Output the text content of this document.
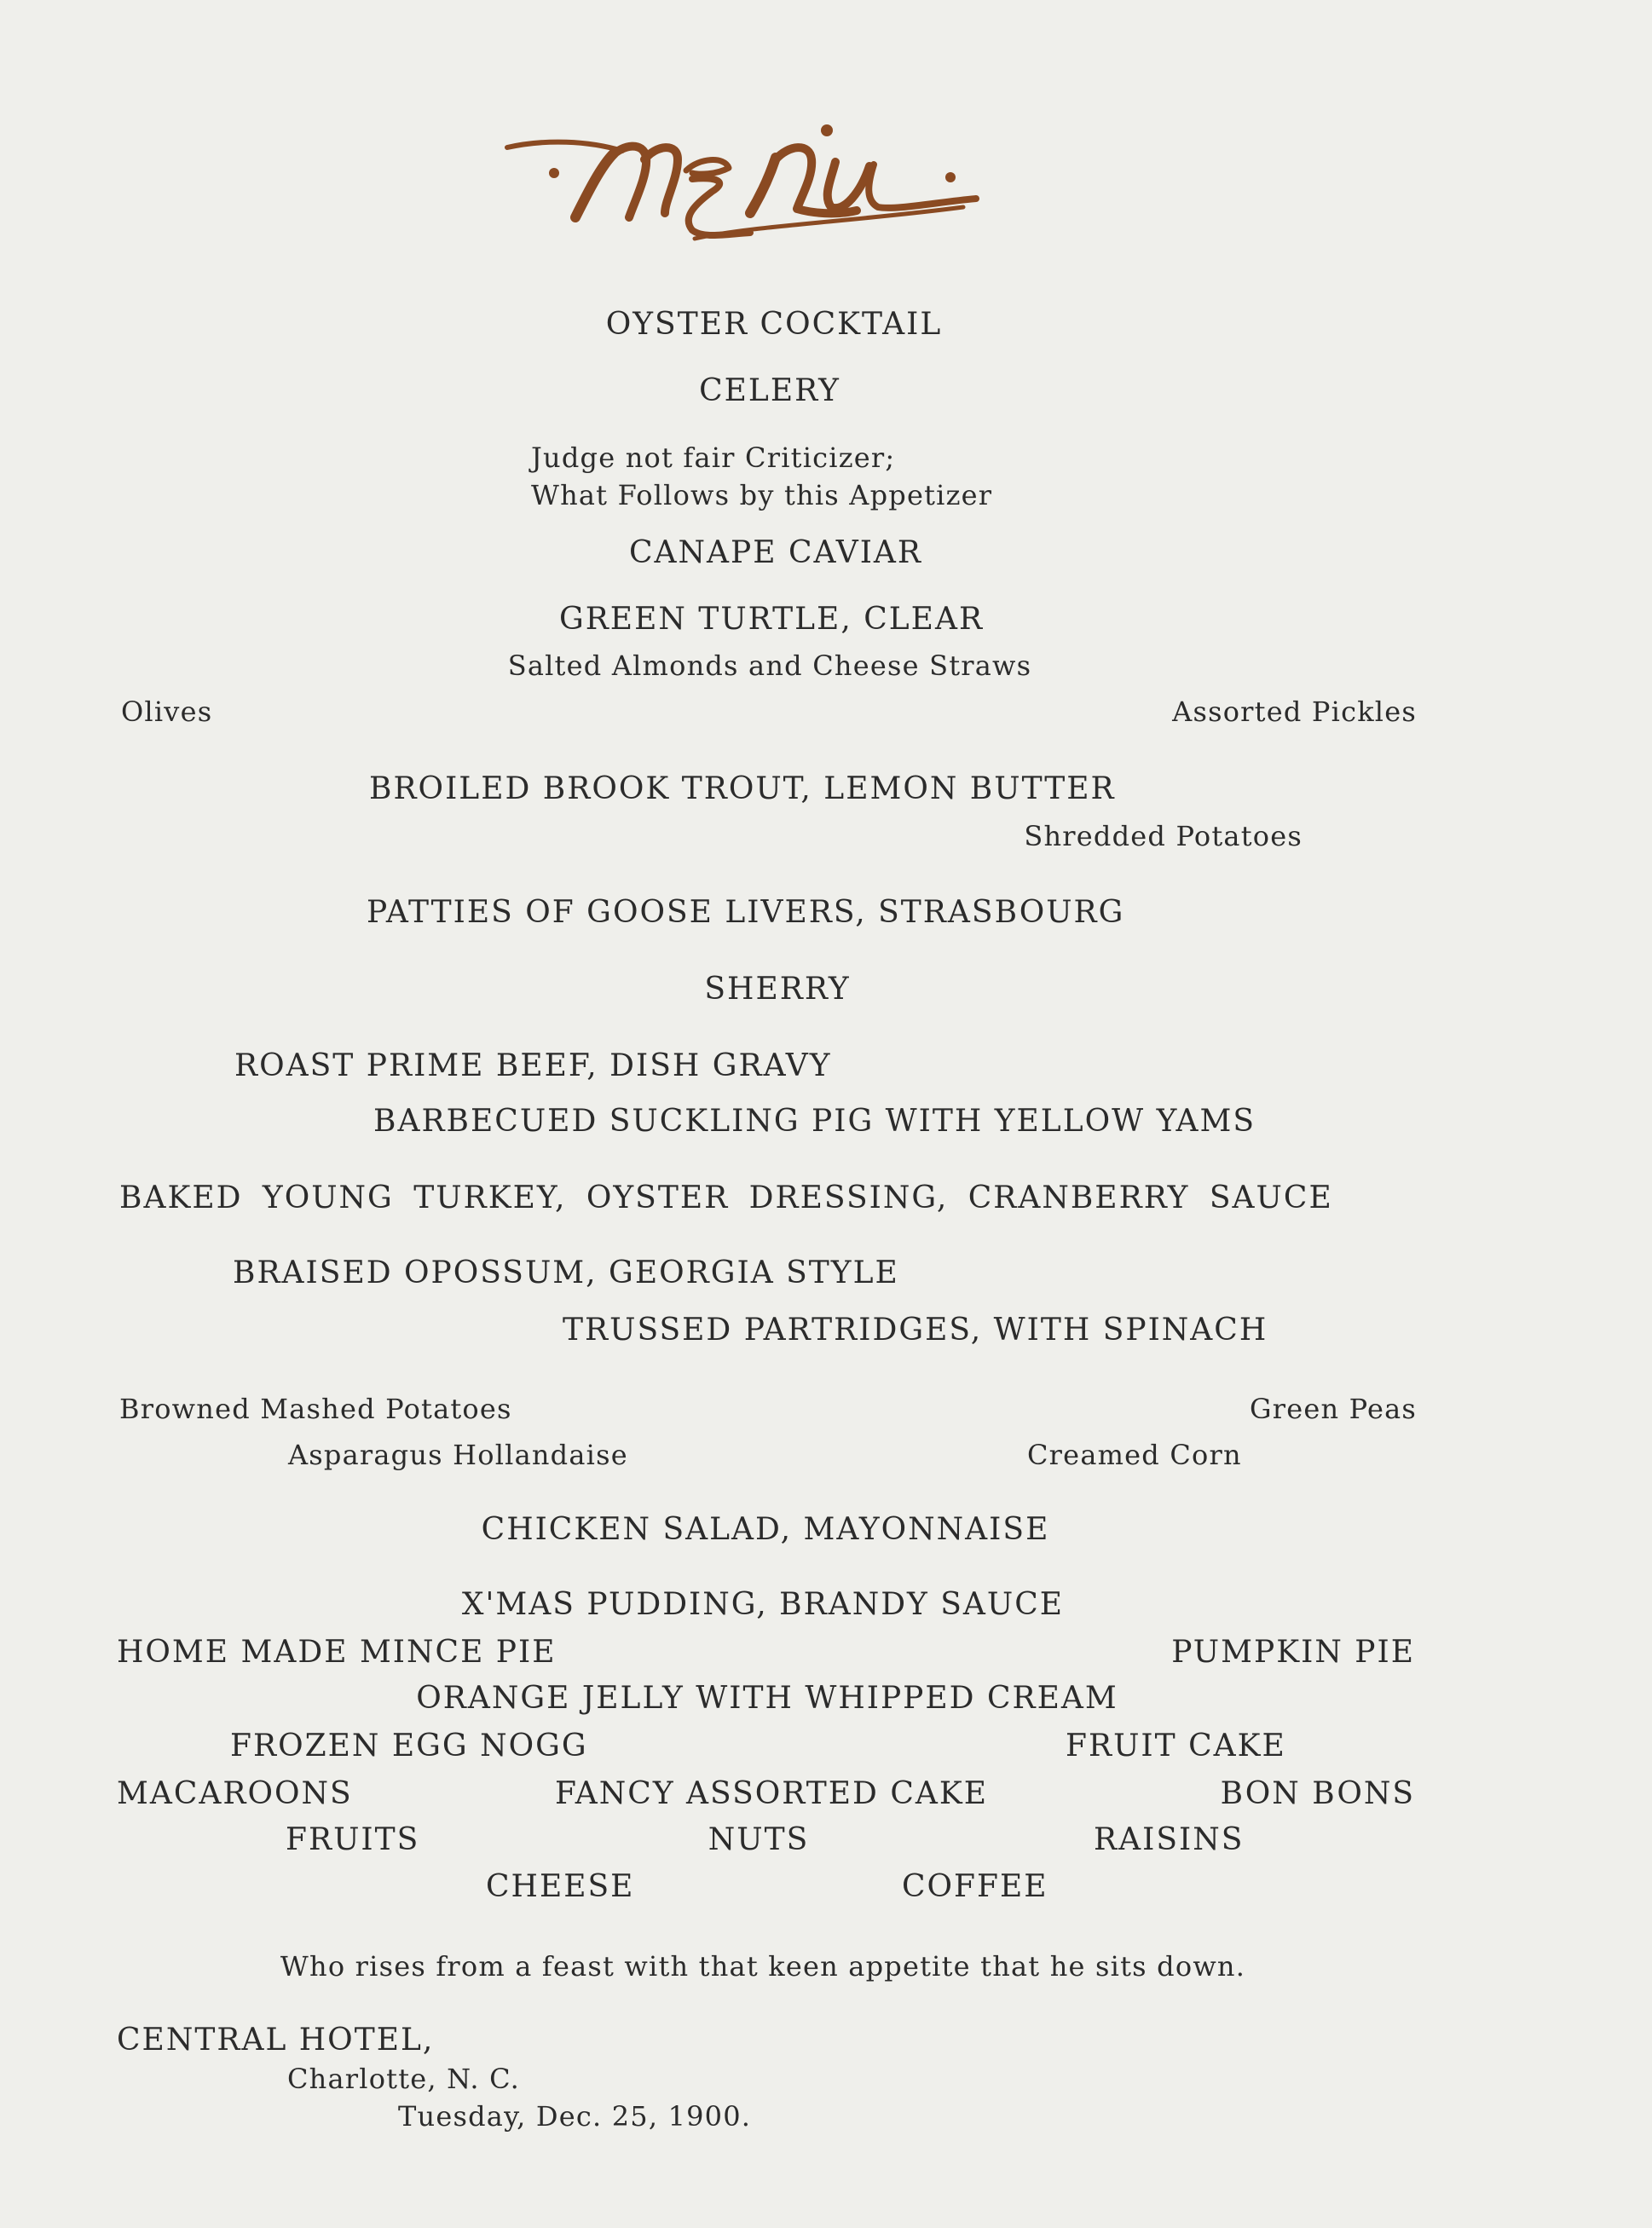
OYSTER COCKTAIL
CELERY
Judge not fair Criticizer;
What Follows by this Appetizer
CANAPE CAVIAR
GREEN TURTLE, CLEAR
Salted Almonds and Cheese Straws
Olives	Assorted Pickles
BROILED BROOK TROUT, LEMON BUTTER
Shredded Potatoes
PATTIES OF GOOSE LIVERS, STRASBOURG
SHERRY
ROAST PRIME BEEF, DISH GRAVY
BARBECUED SUCKLING PIG WITH YELLOW YAMS
BAKED YOUNG TURKEY, OYSTER DRESSING, CRANBERRY SAUCE
BRAISED OPOSSUM, GEORGIA STYLE
TRUSSED PARTRIDGES, WITH SPINACH
Browned Mashed Potatoes	Green Peas
Asparagus Hollandaise	Creamed Corn
CHICKEN SALAD, MAYONNAISE
X'MAS PUDDING, BRANDY SAUCE
HOME MADE MINCE PIE	PUMPKIN PIE
ORANGE JELLY WITH WHIPPED CREAM
FROZEN EGG NOGG	FRUIT CAKE
MACAROONS	FANCY ASSORTED CAKE	BON BONS
FRUITS	NUTS	RAISINS
CHEESE	COFFEE
Who rises from a feast with that keen appetite that he sits down.
CENTRAL HOTEL,
Charlotte, N. C.
Tuesday, Dec. 25, 1900.
